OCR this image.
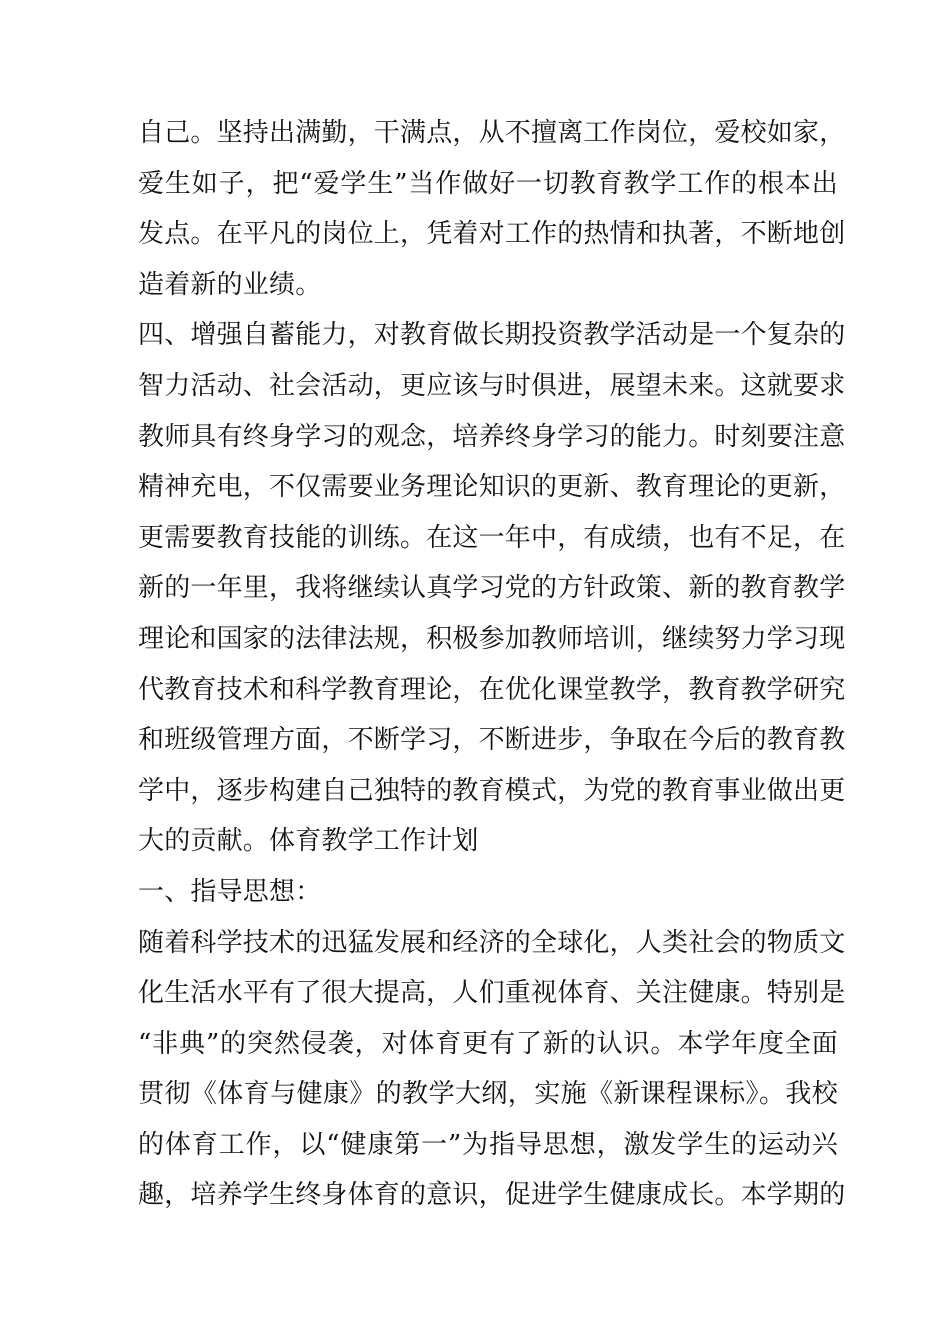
自己。坚持出满勤，干满点，从不擅离工作岗位，爱校如家，
爱生如子，把“爱学生”当作做好一切教育教学工作的根本出
发点。在平凡的岗位上，凭着对工作的热情和执著，不断地创
造着新的业绩。
四、增强自蓄能力，对教育做长期投资教学活动是一个复杂的
智力活动、社会活动，更应该与时俱进，展望未来。这就要求
教师具有终身学习的观念，培养终身学习的能力。时刻要注意
精神充电，不仅需要业务理论知识的更新、教育理论的更新，
更需要教育技能的训练。在这一年中，有成绩，也有不足，在
新的一年里，我将继续认真学习党的方针政策、新的教育教学
理论和国家的法律法规，积极参加教师培训，继续努力学习现
代教育技术和科学教育理论，在优化课堂教学，教育教学研究
和班级管理方面，不断学习，不断进步，争取在今后的教育教
学中，逐步构建自己独特的教育模式，为党的教育事业做出更
大的贡献。体育教学工作计划
一、指导思想：
随着科学技术的迅猛发展和经济的全球化，人类社会的物质文
化生活水平有了很大提高，人们重视体育、关注健康。特别是
“非典”的突然侵袭，对体育更有了新的认识。本学年度全面
贯彻《体育与健康》的教学大纲，实施《新课程课标》。我校
的体育工作，以“健康第一”为指导思想，激发学生的运动兴
趣，培养学生终身体育的意识，促进学生健康成长。本学期的
